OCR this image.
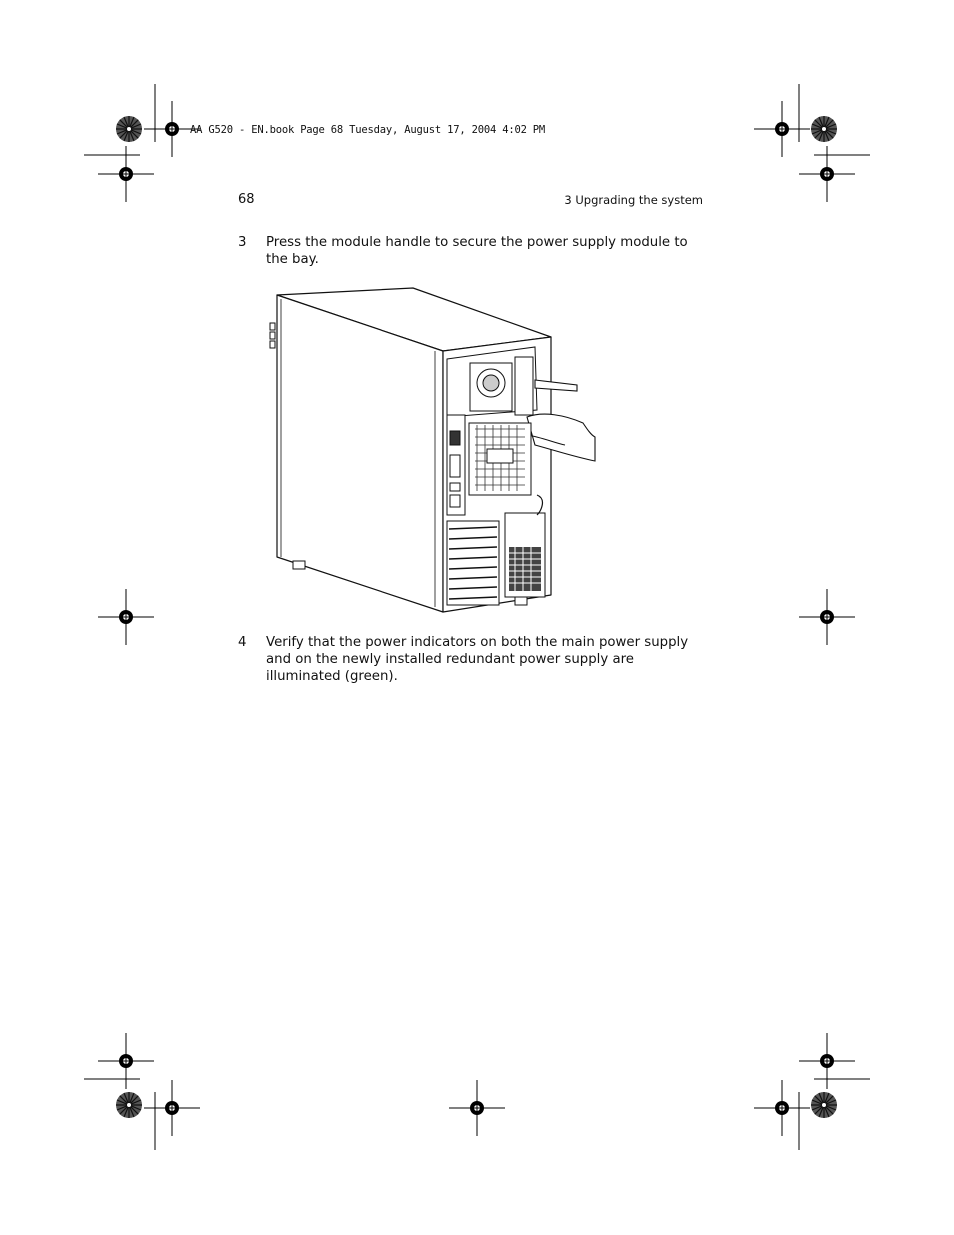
AA G520 - EN.book Page 68 Tuesday, August 17, 2004 4:02 PM
68	3 Upgrading the system
3 Press the module handle to secure the power supply module to the bay.
4 Verify that the power indicators on both the main power supply and on the newly installed redundant power supply are illuminated (green).
